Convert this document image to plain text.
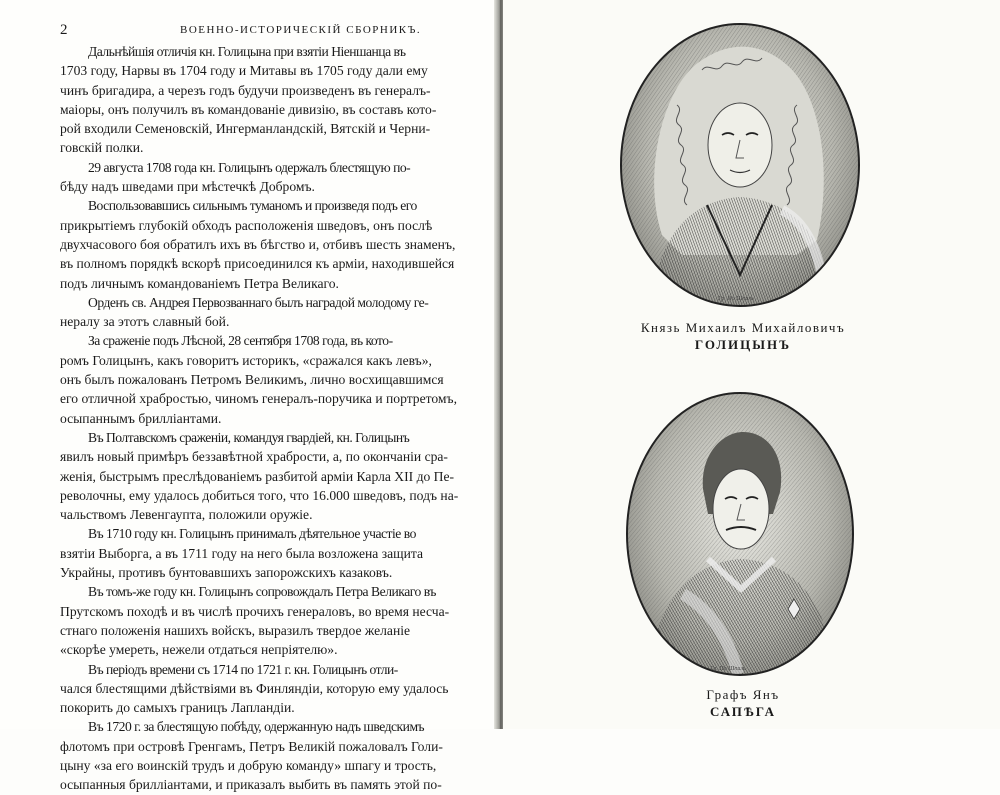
2	ВОЕННО-ИСТОРИЧЕСКІЙ СБОРНИКЪ.

Дальнѣйшія отличія кн. Голицына при взятіи Ніеншанца въ
1703 году, Нарвы въ 1704 году и Митавы въ 1705 году дали ему
чинъ бригадира, а черезъ годъ будучи произведенъ въ генералъ-
маіоры, онъ получилъ въ командованіе дивизію, въ составъ кото-
рой входили Семеновскій, Ингерманландскій, Вятскій и Черни-
говскій полки.

29 августа 1708 года кн. Голицынъ одержалъ блестящую по-
бѣду надъ шведами при мѣстечкѣ Добромъ.

Воспользовавшись сильнымъ туманомъ и произведя подъ его
прикрытіемъ глубокій обходъ расположенія шведовъ, онъ послѣ
двухчасового боя обратилъ ихъ въ бѣгство и, отбивъ шесть знаменъ,
въ полномъ порядкѣ вскорѣ присоединился къ арміи, находившейся
подъ личнымъ командованіемъ Петра Великаго.

Орденъ св. Андрея Первозваннаго былъ наградой молодому ге-
нералу за этотъ славный бой.

За сраженіе подъ Лѣсной, 28 сентября 1708 года, въ кото-
ромъ Голицынъ, какъ говоритъ историкъ, «сражался какъ левъ»,
онъ былъ пожалованъ Петромъ Великимъ, лично восхищавшимся
его отличной храбростью, чиномъ генералъ-поручика и портретомъ,
осыпаннымъ бриллiантами.

Въ Полтавскомъ сраженіи, командуя гвардіей, кн. Голицынъ
явилъ новый примѣръ беззавѣтной храбрости, а, по окончаніи сра-
женія, быстрымъ преслѣдованіемъ разбитой арміи Карла XII до Пе-
револочны, ему удалось добиться того, что 16.000 шведовъ, подъ на-
чальствомъ Левенгаупта, положили оружіе.

Въ 1710 году кн. Голицынъ принималъ дѣятельное участіе во
взятіи Выборга, а въ 1711 году на него была возложена защита
Украйны, противъ бунтовавшихъ запорожскихъ казаковъ.

Въ томъ-же году кн. Голицынъ сопровождалъ Петра Великаго въ
Прутскомъ походѣ и въ числѣ прочихъ генераловъ, во время несча-
стнаго положенія нашихъ войскъ, выразилъ твердое желаніе
«скорѣе умереть, нежели отдаться непріятелю».

Въ періодъ времени съ 1714 по 1721 г. кн. Голицынъ отли-
чался блестящими дѣйствіями въ Финляндіи, которую ему удалось
покорить до самыхъ границъ Лапландіи.

Въ 1720 г. за блестящую побѣду, одержанную надъ шведскимъ
флотомъ при островѣ Гренгамъ, Петръ Великій пожаловалъ Голи-
цыну «за его воинскій трудъ и добрую команду» шпагу и трость,
осыпанныя бриллiантами, и приказалъ выбить въ память этой по-

Гр. По Шпиль
Князь Михаилъ Михайловичъ
ГОЛИЦЫНЪ
Гр. По Шпиль
Графъ Янъ
САПѢГА
